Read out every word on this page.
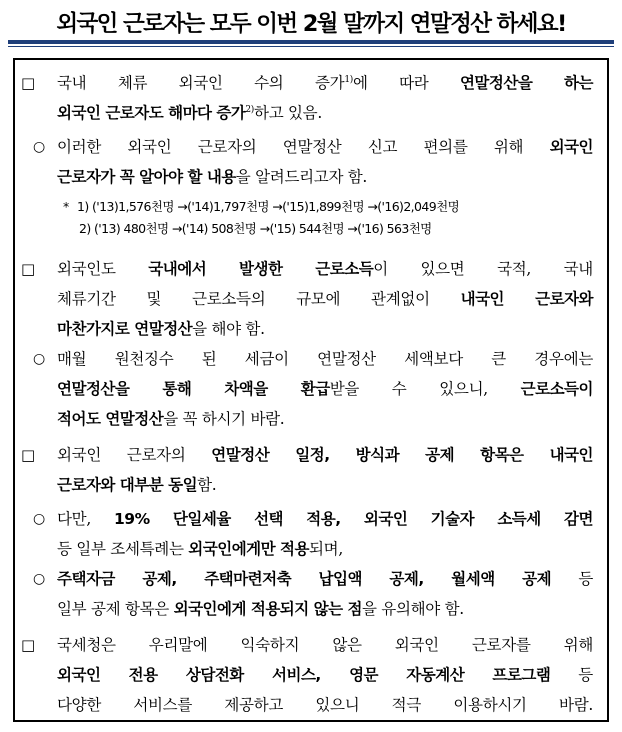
외국인 근로자는 모두 이번 2월 말까지 연말정산 하세요!
□	국내 체류 외국인 수의 증가$^{1)}$에 따라 연말정산을 하는
외국인 근로자도 해마다 증가$^{2)}$하고 있음.
○ 이러한 외국인 근로자의 연말정산 신고 편의를 위해 외국인
근로자가 꼭 알아야 할 내용을 알려드리고자 함.
* 1) ('13)1,576천명 →('14)1,797천명 →('15)1,899천명 →('16)2,049천명
2) ('13) 480천명 →('14) 508천명 →('15) 544천명 →('16) 563천명
□	외국인도 국내에서 발생한 근로소득이 있으면 국적, 국내
체류기간 및 근로소득의 규모에 관계없이 내국인 근로자와
마찬가지로 연말정산을 해야 함.
○ 매월 원천징수 된 세금이 연말정산 세액보다 큰 경우에는
연말정산을 통해 차액을 환급받을 수 있으니, 근로소득이
적어도 연말정산을 꼭 하시기 바람.
□	외국인 근로자의 연말정산 일정, 방식과 공제 항목은 내국인
근로자와 대부분 동일함.
○ 다만, 19% 단일세율 선택 적용, 외국인 기술자 소득세 감면
등 일부 조세특례는 외국인에게만 적용되며,
○ 주택자금 공제, 주택마련저축 납입액 공제, 월세액 공제 등
일부 공제 항목은 외국인에게 적용되지 않는 점을 유의해야 함.
□	국세청은 우리말에 익숙하지 않은 외국인 근로자를 위해
외국인 전용 상담전화 서비스, 영문 자동계산 프로그램 등
다양한 서비스를 제공하고 있으니 적극 이용하시기 바람.
